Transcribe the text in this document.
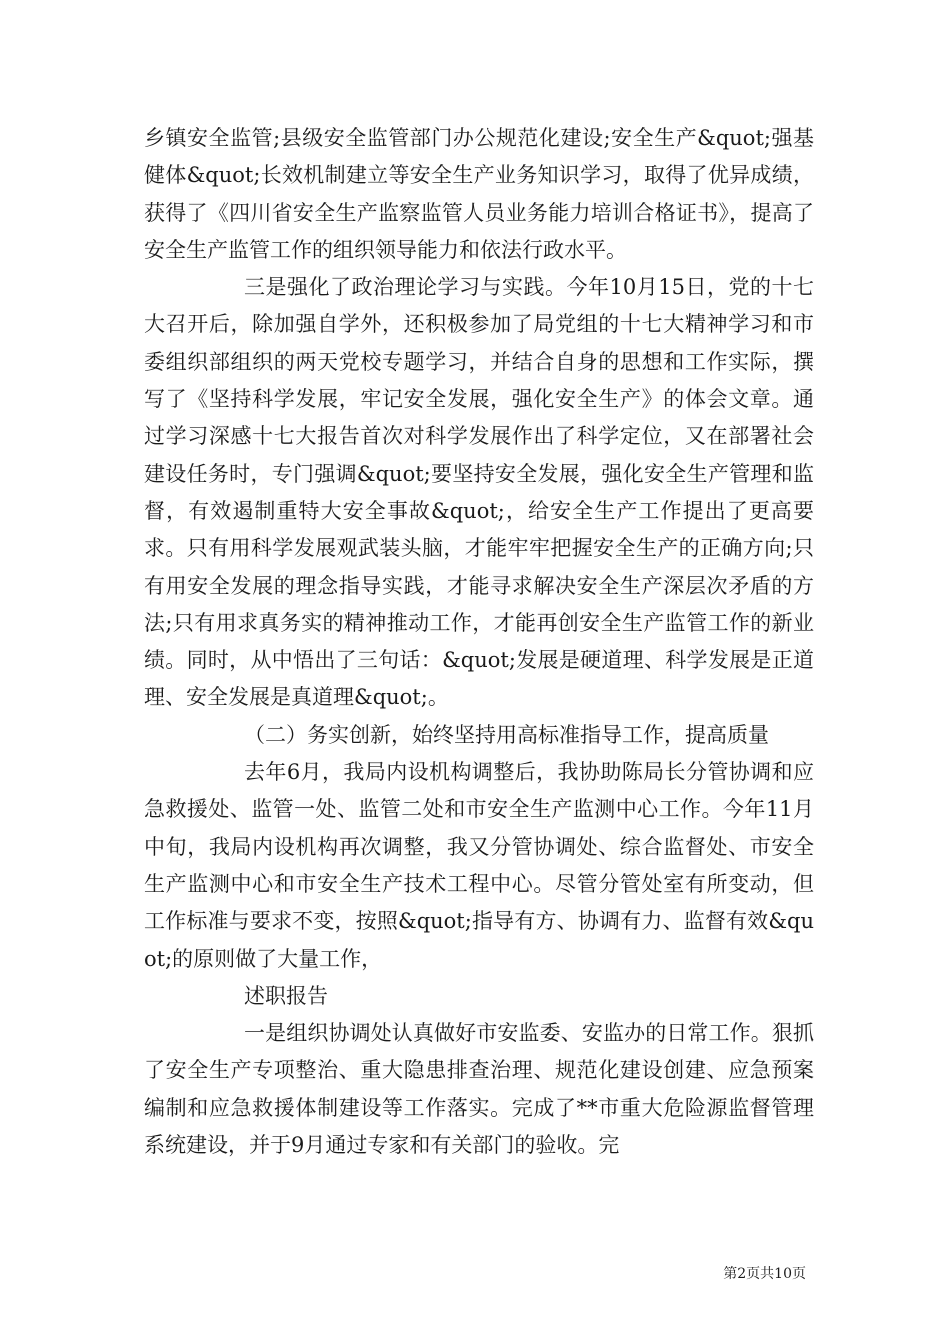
乡镇安全监管;县级安全监管部门办公规范化建设;安全生产&quot;强基健体&quot;长效机制建立等安全生产业务知识学习，取得了优异成绩，获得了《四川省安全生产监察监管人员业务能力培训合格证书》，提高了安全生产监管工作的组织领导能力和依法行政水平。

三是强化了政治理论学习与实践。今年10月15日，党的十七大召开后，除加强自学外，还积极参加了局党组的十七大精神学习和市委组织部组织的两天党校专题学习，并结合自身的思想和工作实际，撰写了《坚持科学发展，牢记安全发展，强化安全生产》的体会文章。通过学习深感十七大报告首次对科学发展作出了科学定位，又在部署社会建设任务时，专门强调&quot;要坚持安全发展，强化安全生产管理和监督，有效遏制重特大安全事故&quot;，给安全生产工作提出了更高要求。只有用科学发展观武装头脑，才能牢牢把握安全生产的正确方向;只有用安全发展的理念指导实践，才能寻求解决安全生产深层次矛盾的方法;只有用求真务实的精神推动工作，才能再创安全生产监管工作的新业绩。同时，从中悟出了三句话：&quot;发展是硬道理、科学发展是正道理、安全发展是真道理&quot;。

（二）务实创新，始终坚持用高标准指导工作，提高质量

去年6月，我局内设机构调整后，我协助陈局长分管协调和应急救援处、监管一处、监管二处和市安全生产监测中心工作。今年11月中旬，我局内设机构再次调整，我又分管协调处、综合监督处、市安全生产监测中心和市安全生产技术工程中心。尽管分管处室有所变动，但工作标准与要求不变，按照&quot;指导有方、协调有力、监督有效&quot;的原则做了大量工作，

述职报告

一是组织协调处认真做好市安监委、安监办的日常工作。狠抓了安全生产专项整治、重大隐患排查治理、规范化建设创建、应急预案编制和应急救援体制建设等工作落实。完成了**市重大危险源监督管理系统建设，并于9月通过专家和有关部门的验收。完

第2页共10页
